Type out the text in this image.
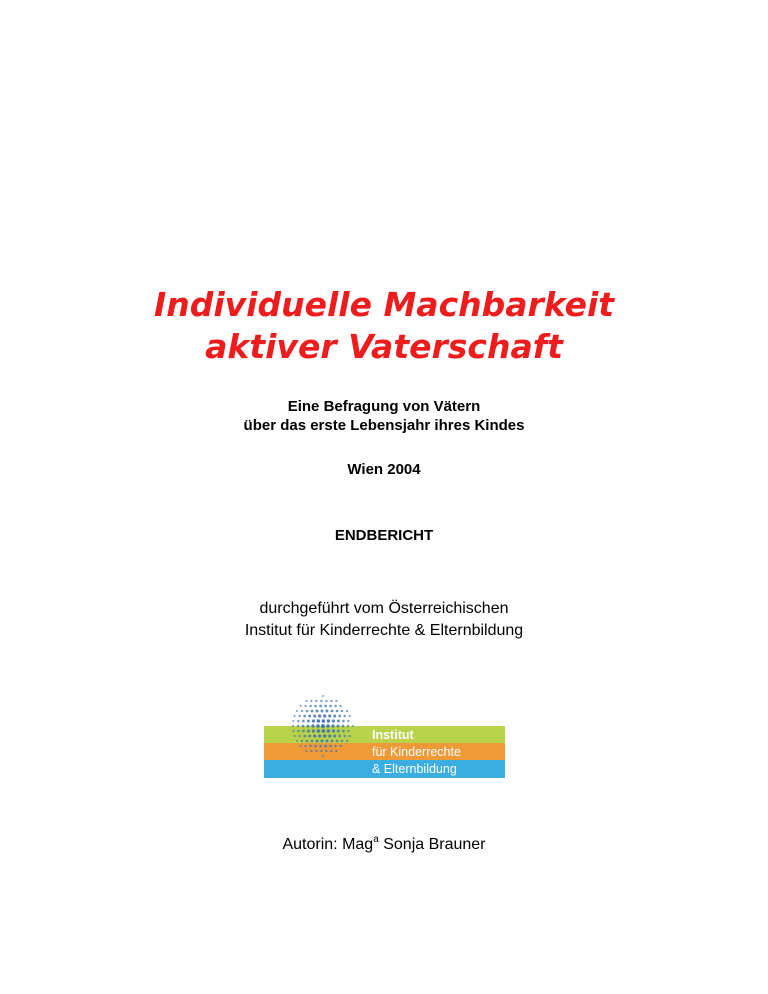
Individuelle Machbarkeit
aktiver Vaterschaft
Eine Befragung von Vätern
über das erste Lebensjahr ihres Kindes
Wien 2004
ENDBERICHT
durchgeführt vom Österreichischen
Institut für Kinderrechte & Elternbildung
Institut
für Kinderrechte
& Elternbildung
Autorin: Mag$^a$ Sonja Brauner
